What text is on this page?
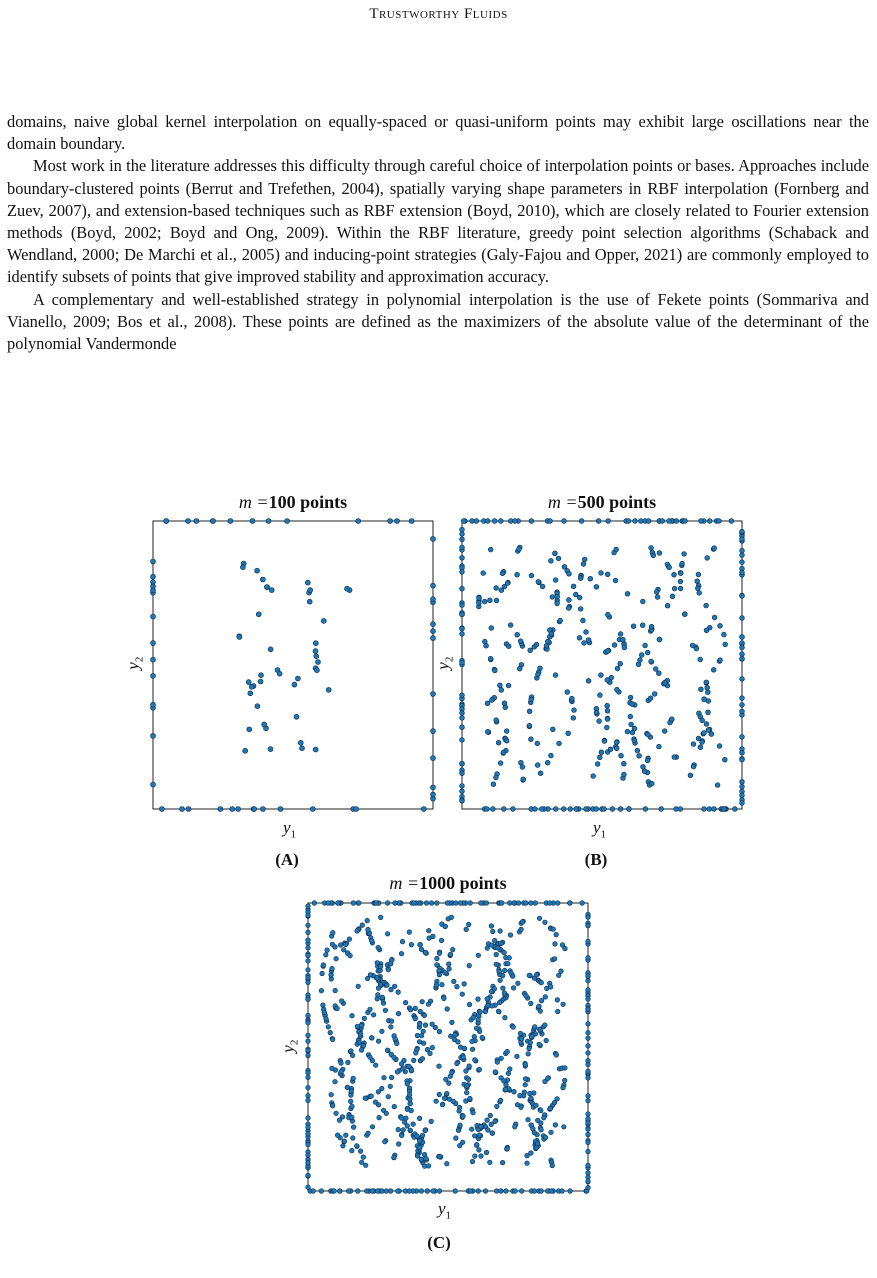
Trustworthy Fluids

domains, naive global kernel interpolation on equally-spaced or quasi-uniform points may exhibit large oscillations near the domain boundary.

Most work in the literature addresses this difficulty through careful choice of interpolation points or bases. Approaches include boundary-clustered points (Berrut and Trefethen, 2004), spatially varying shape parameters in RBF interpolation (Fornberg and Zuev, 2007), and extension-based techniques such as RBF extension (Boyd, 2010), which are closely related to Fourier extension methods (Boyd, 2002; Boyd and Ong, 2009). Within the RBF literature, greedy point selection algorithms (Schaback and Wendland, 2000; De Marchi et al., 2005) and inducing-point strategies (Galy-Fajou and Opper, 2021) are commonly employed to identify subsets of points that give improved stability and approximation accuracy.

A complementary and well-established strategy in polynomial interpolation is the use of Fekete points (Sommariva and Vianello, 2009; Bos et al., 2008). These points are defined as the maximizers of the absolute value of the determinant of the polynomial Vandermonde

m =100 points
$y_1$
$y_2$
(A)
m =500 points
$y_1$
$y_2$
(B)
m =1000 points
$y_1$
$y_2$
(C)
